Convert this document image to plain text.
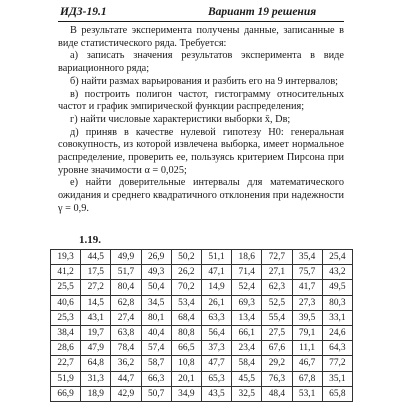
ИДЗ-19.1	Вариант 19 решения

В результате эксперимента получены данные, записанные в виде статистического ряда. Требуется:

а) записать значения результатов эксперимента в виде вариационного ряда;

б) найти размах варьирования и разбить его на 9 интервалов;

в) построить полигон частот, гистограмму относительных частот и график эмпирической функции распределения;

г) найти числовые характеристики выборки x̄, Dв;

д) приняв в качестве нулевой гипотезу H0: генеральная совокупность, из которой извлечена выборка, имеет нормальное распределение, проверить ее, пользуясь критерием Пирсона при уровне значимости α = 0,025;

е) найти доверительные интервалы для математического ожидания и среднего квадратичного отклонения при надежности γ = 0,9.

1.19.
19,3	44,5	49,9	26,9	50,2	51,1	18,6	72,7	35,4	25,4
41,2	17,5	51,7	49,3	26,2	47,1	71,4	27,1	75,7	43,2
25,5	27,2	80,4	50,4	70,2	14,9	52,4	62,3	41,7	49,5
40,6	14,5	62,8	34,5	53,4	26,1	69,3	52,5	27,3	80,3
25,3	43,1	27,4	80,1	68,4	63,3	13,4	55,4	39,5	33,1
38,4	19,7	63,8	40,4	80,8	56,4	66,1	27,5	79,1	24,6
28,6	47,9	78,4	57,4	66,5	37,3	23,4	67,6	11,1	64,3
22,7	64,8	36,2	58,7	10,8	47,7	58,4	29,2	46,7	77,2
51,9	31,3	44,7	66,3	20,1	65,3	45,5	76,3	67,8	35,1
66,9	18,9	42,9	50,7	34,9	43,5	32,5	48,4	53,1	65,8
